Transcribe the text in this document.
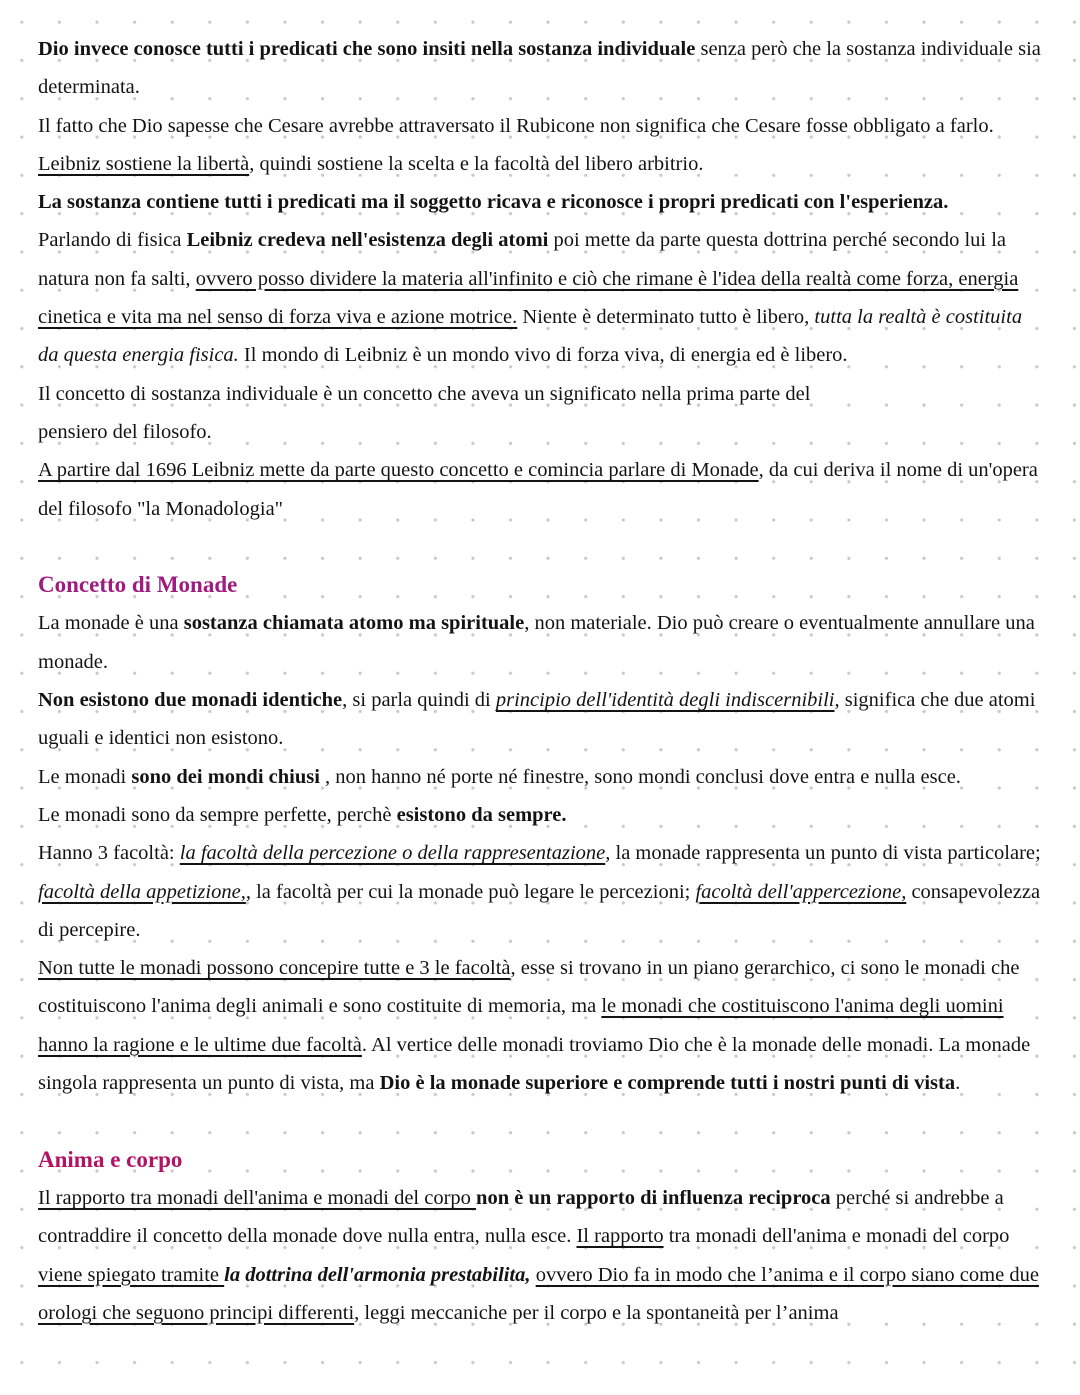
Dio invece conosce tutti i predicati che sono insiti nella sostanza individuale senza però che la sostanza individuale sia determinata.
Il fatto che Dio sapesse che Cesare avrebbe attraversato il Rubicone non significa che Cesare fosse obbligato a farlo.
Leibniz sostiene la libertà, quindi sostiene la scelta e la facoltà del libero arbitrio.
La sostanza contiene tutti i predicati ma il soggetto ricava e riconosce i propri predicati con l'esperienza.
Parlando di fisica Leibniz credeva nell'esistenza degli atomi poi mette da parte questa dottrina perché secondo lui la natura non fa salti, ovvero posso dividere la materia all'infinito e ciò che rimane è l'idea della realtà come forza, energia cinetica e vita ma nel senso di forza viva e azione motrice. Niente è determinato tutto è libero, tutta la realtà è costituita da questa energia fisica. Il mondo di Leibniz è un mondo vivo di forza viva, di energia ed è libero.
Il concetto di sostanza individuale è un concetto che aveva un significato nella prima parte del
pensiero del filosofo.
A partire dal 1696 Leibniz mette da parte questo concetto e comincia parlare di Monade, da cui deriva il nome di un'opera del filosofo "la Monadologia"
Concetto di Monade
La monade è una sostanza chiamata atomo ma spirituale, non materiale. Dio può creare o eventualmente annullare una monade.
Non esistono due monadi identiche, si parla quindi di principio dell'identità degli indiscernibili, significa che due atomi uguali e identici non esistono.
Le monadi sono dei mondi chiusi , non hanno né porte né finestre, sono mondi conclusi dove entra e nulla esce.
Le monadi sono da sempre perfette, perchè esistono da sempre.
Hanno 3 facoltà: la facoltà della percezione o della rappresentazione, la monade rappresenta un punto di vista particolare; facoltà della appetizione,, la facoltà per cui la monade può legare le percezioni; facoltà dell'appercezione, consapevolezza di percepire.
Non tutte le monadi possono concepire tutte e 3 le facoltà, esse si trovano in un piano gerarchico, ci sono le monadi che costituiscono l'anima degli animali e sono costituite di memoria, ma le monadi che costituiscono l'anima degli uomini hanno la ragione e le ultime due facoltà. Al vertice delle monadi troviamo Dio che è la monade delle monadi. La monade singola rappresenta un punto di vista, ma Dio è la monade superiore e comprende tutti i nostri punti di vista.
Anima e corpo
Il rapporto tra monadi dell'anima e monadi del corpo non è un rapporto di influenza reciproca perché si andrebbe a contraddire il concetto della monade dove nulla entra, nulla esce. Il rapporto tra monadi dell'anima e monadi del corpo viene spiegato tramite la dottrina dell'armonia prestabilita, ovvero Dio fa in modo che l’anima e il corpo siano come due orologi che seguono principi differenti, leggi meccaniche per il corpo e la spontaneità per l’anima
